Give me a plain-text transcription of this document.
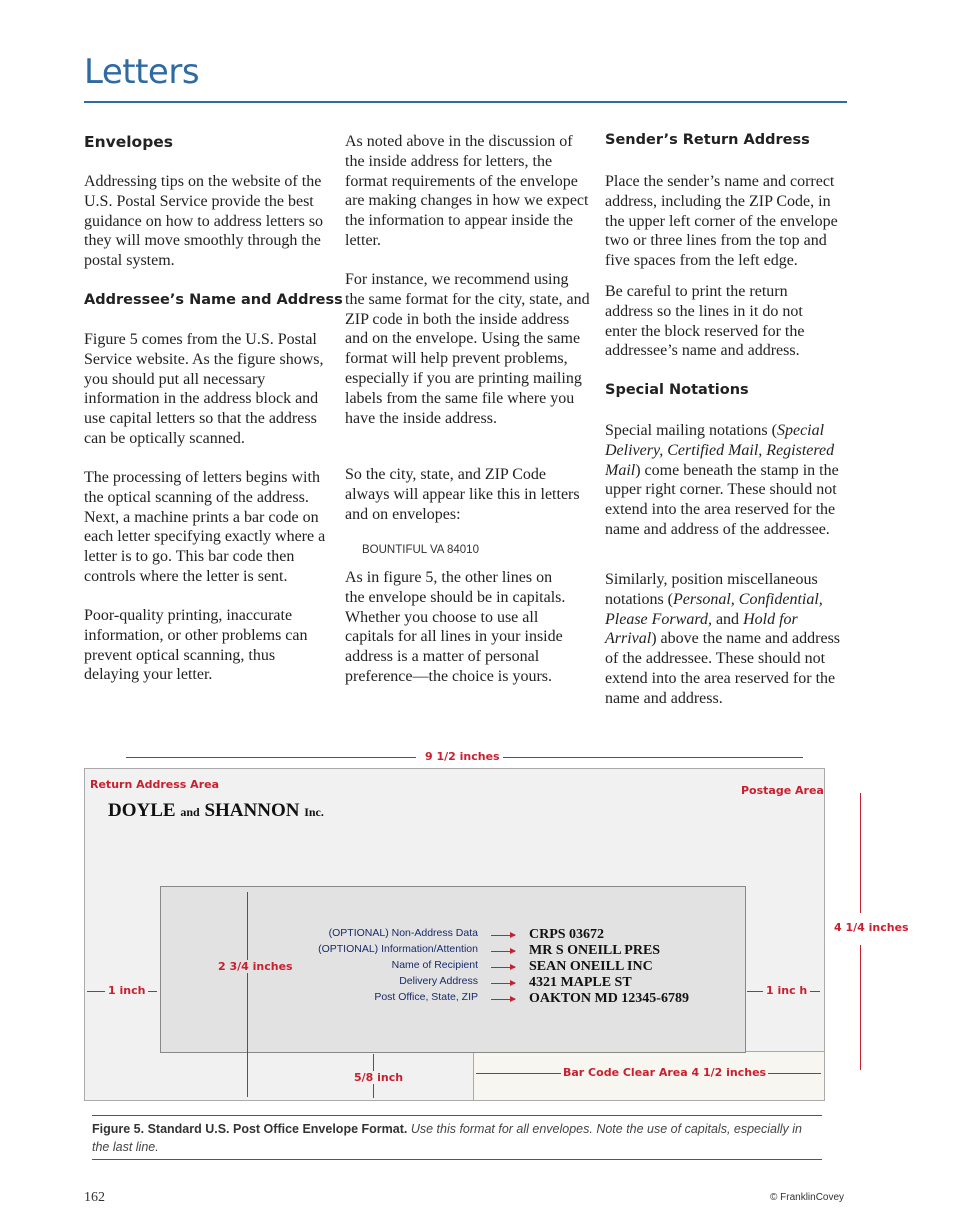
Letters
Envelopes
Addressing tips on the website of the U.S. Postal Service provide the best guidance on how to address letters so they will move smoothly through the postal system.
Addressee’s Name and Address
Figure 5 comes from the U.S. Postal Service website. As the figure shows, you should put all necessary information in the address block and use capital letters so that the address can be optically scanned.
The processing of letters begins with the optical scanning of the address. Next, a machine prints a bar code on each letter specifying exactly where a letter is to go. This bar code then controls where the letter is sent.
Poor-quality printing, inaccurate information, or other problems can prevent optical scanning, thus delaying your letter.
As noted above in the discussion of the inside address for letters, the format requirements of the envelope are making changes in how we expect the information to appear inside the letter.
For instance, we recommend using the same format for the city, state, and ZIP code in both the inside address and on the envelope. Using the same format will help prevent problems, especially if you are printing mailing labels from the same file where you have the inside address.
So the city, state, and ZIP Code always will appear like this in letters and on envelopes:
BOUNTIFUL VA 84010
As in figure 5, the other lines on the envelope should be in capitals. Whether you choose to use all capitals for all lines in your inside address is a matter of personal preference—the choice is yours.
Sender’s Return Address
Place the sender’s name and correct address, including the ZIP Code, in the upper left corner of the envelope two or three lines from the top and five spaces from the left edge.
Be careful to print the return address so the lines in it do not enter the block reserved for the addressee’s name and address.
Special Notations
Special mailing notations (Special Delivery, Certified Mail, Registered Mail) come beneath the stamp in the upper right corner. These should not extend into the area reserved for the name and address of the addressee.
Similarly, position miscellaneous notations (Personal, Confidential, Please Forward, and Hold for Arrival) above the name and address of the addressee. These should not extend into the area reserved for the name and address.
9 1/2 inches
Return Address Area	Postage Area
DOYLE and SHANNON Inc.
4 1/4 inches
2 3/4 inches
1 inch	1 inc h
5/8 inch	Bar Code Clear Area 4 1/2 inches
(OPTIONAL) Non-Address Data	CRPS 03672
(OPTIONAL) Information/Attention	MR S ONEILL PRES
Name of Recipient	SEAN ONEILL INC
Delivery Address	4321 MAPLE ST
Post Office, State, ZIP	OAKTON MD 12345-6789
Figure 5. Standard U.S. Post Office Envelope Format. Use this format for all envelopes. Note the use of capitals, especially in the last line.
162	© FranklinCovey
